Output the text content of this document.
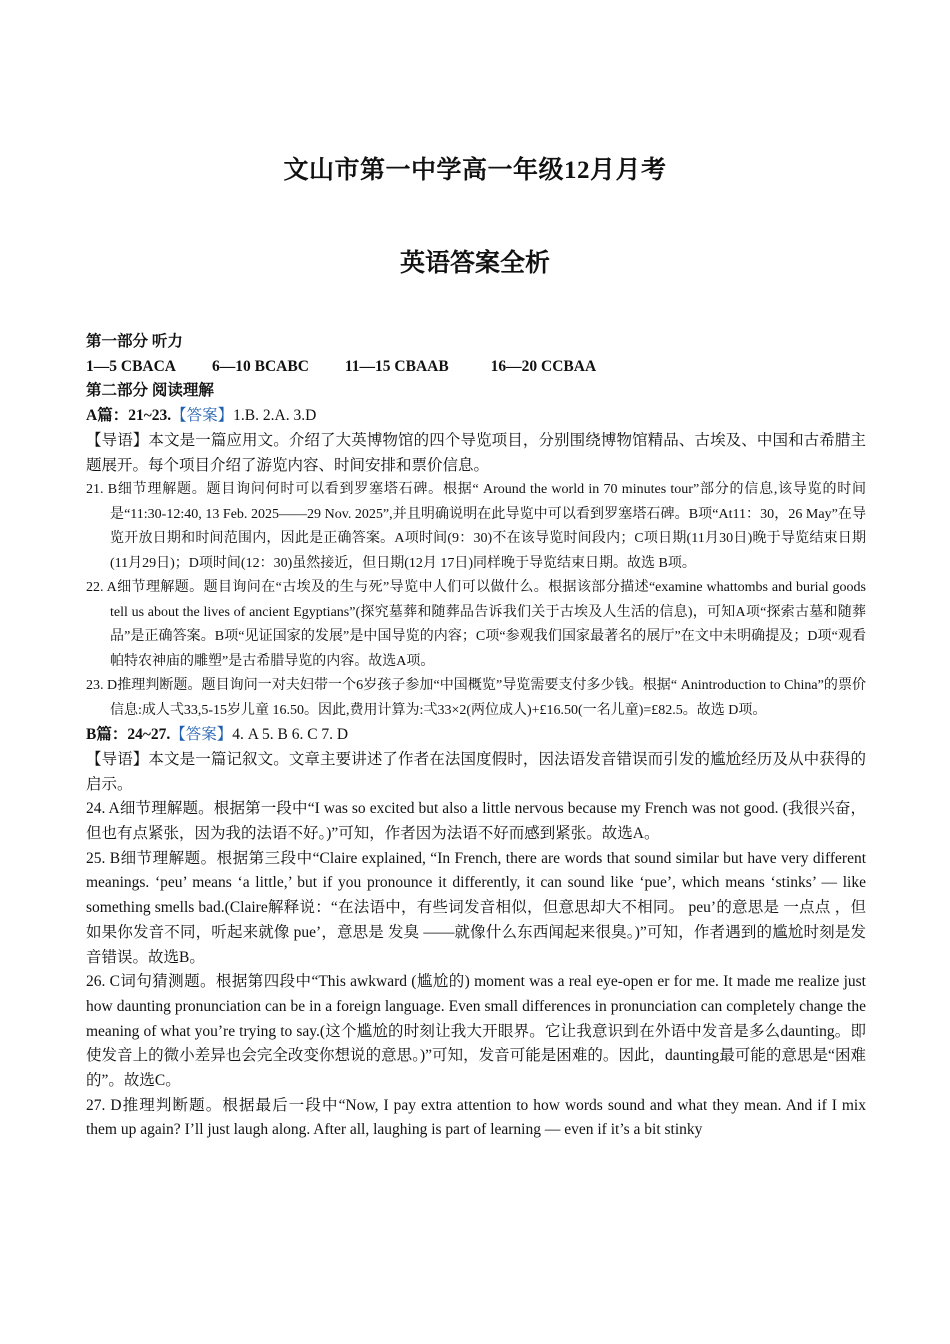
文山市第一中学高一年级12月月考
英语答案全析
第一部分 听力
1—5 CBACA 6—10 BCABC 11—15 CBAAB	16—20 CCBAA
第二部分 阅读理解
A篇：21~23.【答案】1.B. 2.A. 3.D

【导语】本文是一篇应用文。介绍了大英博物馆的四个导览项目，分别围绕博物馆精品、古埃及、中国和古希腊主题展开。每个项目介绍了游览内容、时间安排和票价信息。

21. B细节理解题。题目询问何时可以看到罗塞塔石碑。根据“ Around the world in 70 minutes tour”部分的信息,该导览的时间是“11:30-12:40, 13 Feb. 2025——29 Nov. 2025”,并且明确说明在此导览中可以看到罗塞塔石碑。B项“At11：30，26 May”在导览开放日期和时间范围内，因此是正确答案。A项时间(9：30)不在该导览时间段内；C项日期(11月30日)晚于导览结束日期(11月29日)；D项时间(12：30)虽然接近，但日期(12月 17日)同样晚于导览结束日期。故选 B项。

22. A细节理解题。题目询问在“古埃及的生与死”导览中人们可以做什么。根据该部分描述“examine whattombs and burial goods tell us about the lives of ancient Egyptians”(探究墓葬和随葬品告诉我们关于古埃及人生活的信息)，可知A项“探索古墓和随葬品”是正确答案。B项“见证国家的发展”是中国导览的内容；C项“参观我们国家最著名的展厅”在文中未明确提及；D项“观看帕特农神庙的雕塑”是古希腊导览的内容。故选A项。

23. D推理判断题。题目询问一对夫妇带一个6岁孩子参加“中国概览”导览需要支付多少钱。根据“ Anintroduction to China”的票价信息:成人弌33,5-15岁儿童 16.50。因此,费用计算为:弌33×2(两位成人)+£16.50(一名儿童)=£82.5。故选 D项。

B篇：24~27.【答案】4. A 5. B 6. C 7. D

【导语】本文是一篇记叙文。文章主要讲述了作者在法国度假时，因法语发音错误而引发的尴尬经历及从中获得的启示。

24. A细节理解题。根据第一段中“I was so excited but also a little nervous because my French was not good. (我很兴奋，但也有点紧张，因为我的法语不好。)”可知，作者因为法语不好而感到紧张。故选A。

25. B细节理解题。根据第三段中“Claire explained, “In French, there are words that sound similar but have very different meanings. ‘peu’ means ‘a little,’ but if you pronounce it differently, it can sound like ‘pue’, which means ‘stinks’ — like something smells bad.(Claire解释说：“在法语中，有些词发音相似，但意思却大不相同。 peu’的意思是 一点点 ，但如果你发音不同，听起来就像 pue’，意思是 发臭 ——就像什么东西闻起来很臭。)”可知，作者遇到的尴尬时刻是发音错误。故选B。

26. C词句猜测题。根据第四段中“This awkward (尴尬的) moment was a real eye-open er for me. It made me realize just how daunting pronunciation can be in a foreign language. Even small differences in pronunciation can completely change the meaning of what you’re trying to say.(这个尴尬的时刻让我大开眼界。它让我意识到在外语中发音是多么daunting。即使发音上的微小差异也会完全改变你想说的意思。)”可知，发音可能是困难的。因此，daunting最可能的意思是“困难的”。故选C。

27. D推理判断题。根据最后一段中“Now, I pay extra attention to how words sound and what they mean. And if I mix them up again? I’ll just laugh along. After all, laughing is part of learning — even if it’s a bit stinky
